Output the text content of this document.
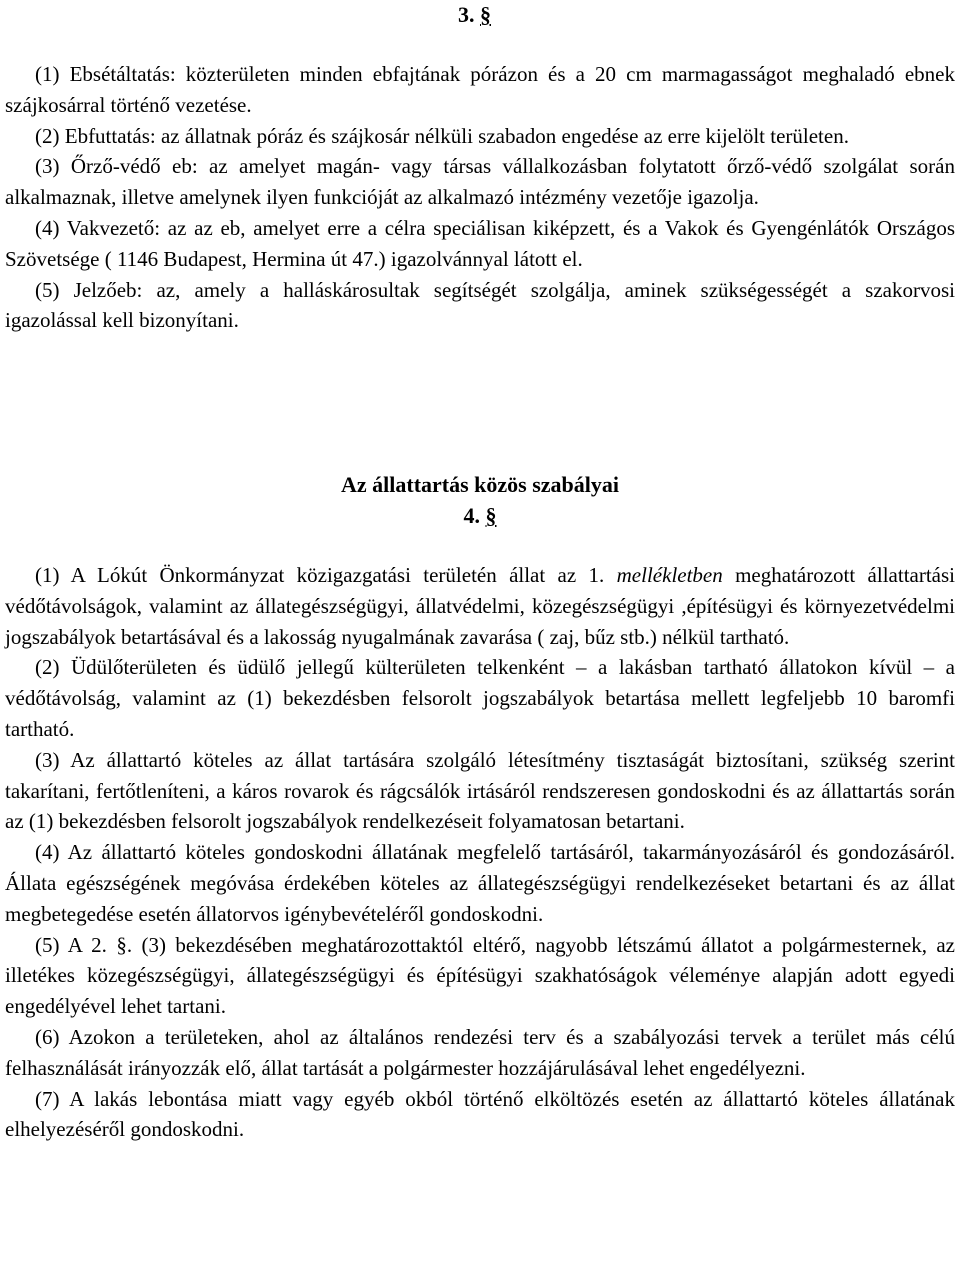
3. §

(1) Ebsétáltatás: közterületen minden ebfajtának pórázon és a 20 cm marmagasságot meghaladó ebnek szájkosárral történő vezetése.

(2) Ebfuttatás: az állatnak póráz és szájkosár nélküli szabadon engedése az erre kijelölt területen.

(3) Őrző-védő eb: az amelyet magán- vagy társas vállalkozásban folytatott őrző-védő szolgálat során alkalmaznak, illetve amelynek ilyen funkcióját az alkalmazó intézmény vezetője igazolja.

(4) Vakvezető: az az eb, amelyet erre a célra speciálisan kiképzett, és a Vakok és Gyengénlátók Országos Szövetsége ( 1146 Budapest, Hermina út 47.) igazolvánnyal látott el.

(5) Jelzőeb: az, amely a halláskárosultak segítségét szolgálja, aminek szükségességét a szakorvosi igazolással kell bizonyítani.

Az állattartás közös szabályai
4. §

(1) A Lókút Önkormányzat közigazgatási területén állat az 1. mellékletben meghatározott állattartási védőtávolságok, valamint az állategészségügyi, állatvédelmi, közegészségügyi ,építésügyi és környezetvédelmi jogszabályok betartásával és a lakosság nyugalmának zavarása ( zaj, bűz stb.) nélkül tartható.

(2) Üdülőterületen és üdülő jellegű külterületen telkenként – a lakásban tartható állatokon kívül – a védőtávolság, valamint az (1) bekezdésben felsorolt jogszabályok betartása mellett legfeljebb 10 baromfi tartható.

(3) Az állattartó köteles az állat tartására szolgáló létesítmény tisztaságát biztosítani, szükség szerint takarítani, fertőtleníteni, a káros rovarok és rágcsálók irtásáról rendszeresen gondoskodni és az állattartás során az (1) bekezdésben felsorolt jogszabályok rendelkezéseit folyamatosan betartani.

(4) Az állattartó köteles gondoskodni állatának megfelelő tartásáról, takarmányozásáról és gondozásáról. Állata egészségének megóvása érdekében köteles az állategészségügyi rendelkezéseket betartani és az állat megbetegedése esetén állatorvos igénybevételéről gondoskodni.

(5) A 2. §. (3) bekezdésében meghatározottaktól eltérő, nagyobb létszámú állatot a polgármesternek, az illetékes közegészségügyi, állategészségügyi és építésügyi szakhatóságok véleménye alapján adott egyedi engedélyével lehet tartani.

(6) Azokon a területeken, ahol az általános rendezési terv és a szabályozási tervek a terület más célú felhasználását irányozzák elő, állat tartását a polgármester hozzájárulásával lehet engedélyezni.

(7) A lakás lebontása miatt vagy egyéb okból történő elköltözés esetén az állattartó köteles állatának elhelyezéséről gondoskodni.
